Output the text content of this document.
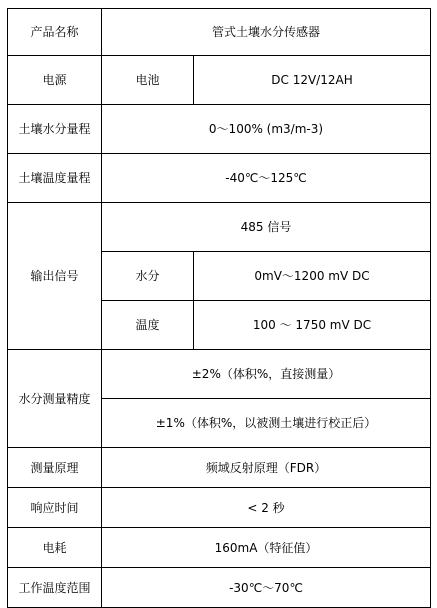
产品名称	管式土壤水分传感器	
电源	电池	DC 12V/12AH
土壤水分量程	0～100% (m3/m-3)	
土壤温度量程	-40℃～125℃	
输出信号	485 信号	
	水分	0mV～1200 mV DC
	温度	100 ～ 1750 mV DC
水分测量精度	±2%（体积%，直接测量）	
	±1%（体积%，以被测土壤进行校正后）	
测量原理	频域反射原理（FDR）	
响应时间	< 2 秒	
电耗	160mA（特征值）	
工作温度范围	-30℃～70℃	
